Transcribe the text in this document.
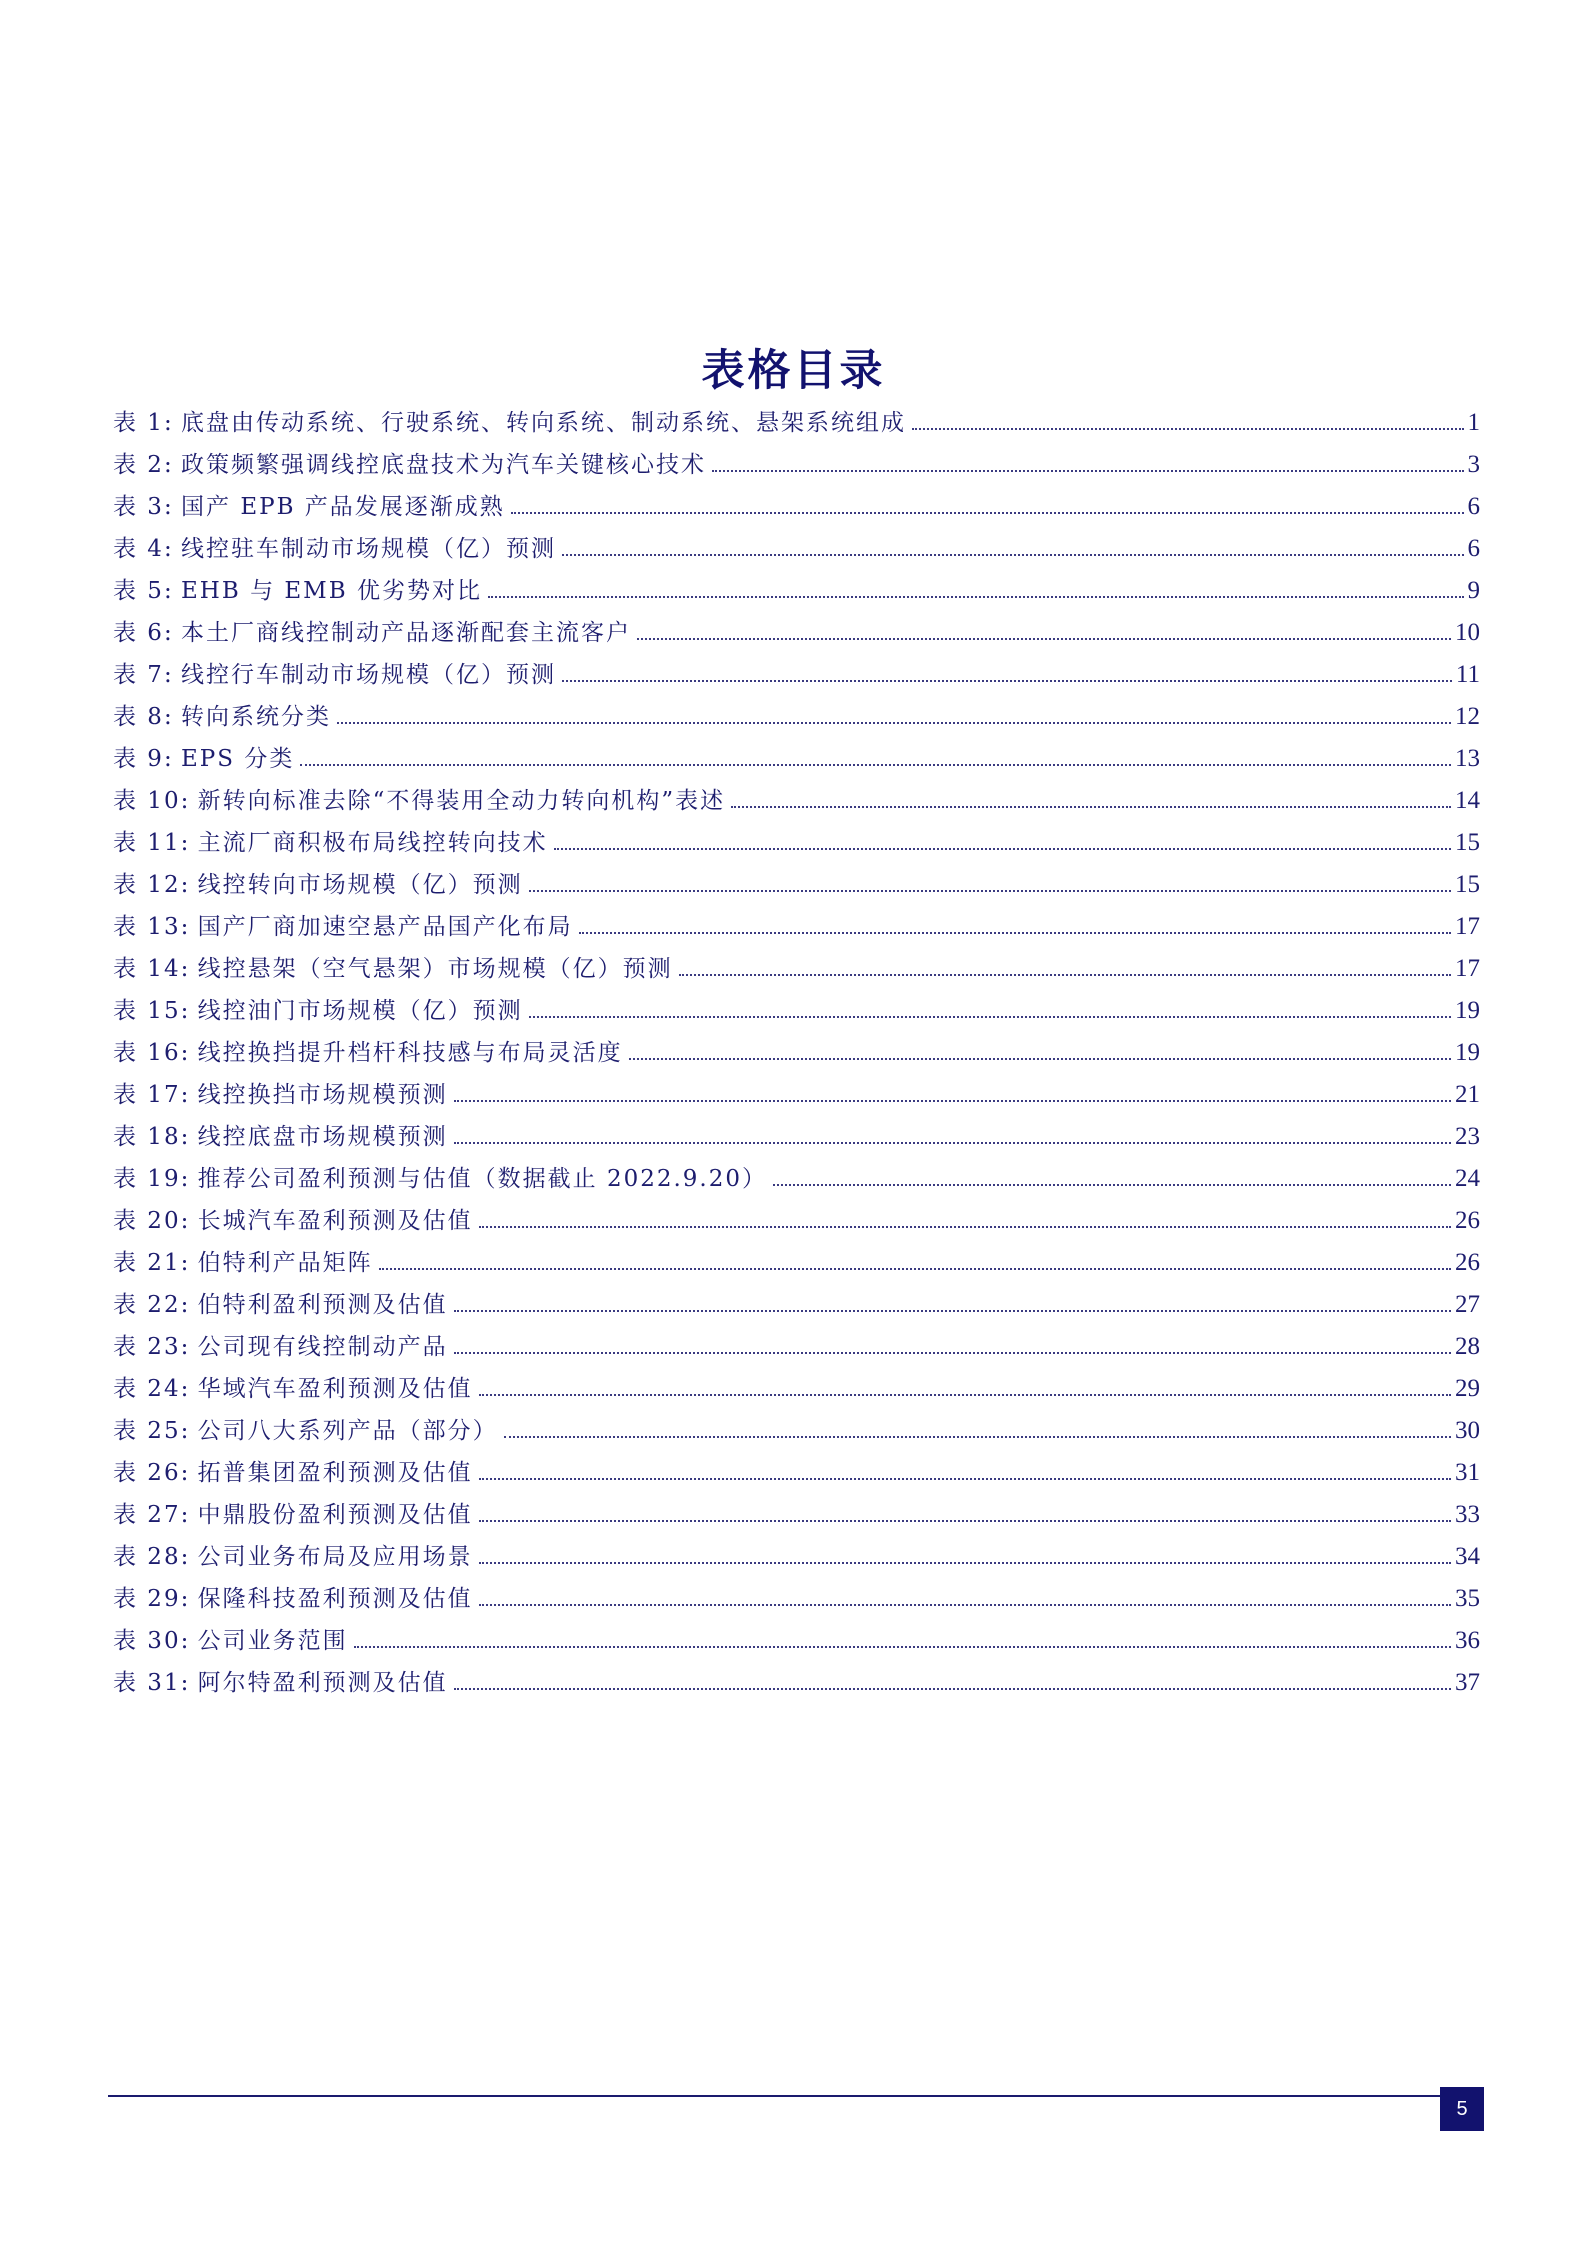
表格目录
表 1:
底盘由传动系统、行驶系统、转向系统、制动系统、悬架系统组成	1
表 2:
政策频繁强调线控底盘技术为汽车关键核心技术	3
表 3:
国产 EPB 产品发展逐渐成熟	6
表 4:
线控驻车制动市场规模（亿）预测	6
表 5:
EHB 与 EMB 优劣势对比	9
表 6:
本土厂商线控制动产品逐渐配套主流客户	10
表 7:
线控行车制动市场规模（亿）预测	11
表 8:
转向系统分类	12
表 9:
EPS 分类	13
表 10:
新转向标准去除“不得装用全动力转向机构”表述	14
表 11:
主流厂商积极布局线控转向技术	15
表 12:
线控转向市场规模（亿）预测	15
表 13:
国产厂商加速空悬产品国产化布局	17
表 14:
线控悬架（空气悬架）市场规模（亿）预测	17
表 15:
线控油门市场规模（亿）预测	19
表 16:
线控换挡提升档杆科技感与布局灵活度	19
表 17:
线控换挡市场规模预测	21
表 18:
线控底盘市场规模预测	23
表 19:
推荐公司盈利预测与估值（数据截止 2022.9.20）	24
表 20:
长城汽车盈利预测及估值	26
表 21:
伯特利产品矩阵	26
表 22:
伯特利盈利预测及估值	27
表 23:
公司现有线控制动产品	28
表 24:
华域汽车盈利预测及估值	29
表 25:
公司八大系列产品（部分）	30
表 26:
拓普集团盈利预测及估值	31
表 27:
中鼎股份盈利预测及估值	33
表 28:
公司业务布局及应用场景	34
表 29:
保隆科技盈利预测及估值	35
表 30:
公司业务范围	36
表 31:
阿尔特盈利预测及估值	37
5
